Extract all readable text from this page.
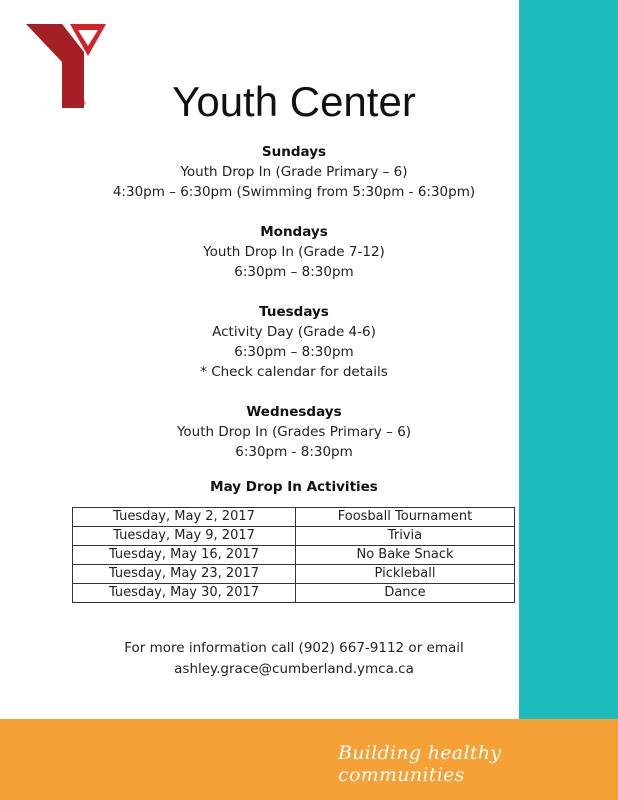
Building healthy communities
®	Youth Center
Sundays
Youth Drop In (Grade Primary – 6)
4:30pm – 6:30pm (Swimming from 5:30pm - 6:30pm)
Mondays
Youth Drop In (Grade 7-12)
6:30pm – 8:30pm
Tuesdays
Activity Day (Grade 4-6)
6:30pm – 8:30pm
* Check calendar for details
Wednesdays
Youth Drop In (Grades Primary – 6)
6:30pm - 8:30pm
May Drop In Activities
Tuesday, May 2, 2017	Foosball Tournament
Tuesday, May 9, 2017	Trivia
Tuesday, May 16, 2017	No Bake Snack
Tuesday, May 23, 2017	Pickleball
Tuesday, May 30, 2017	Dance
For more information call (902) 667-9112 or email
ashley.grace@cumberland.ymca.ca
